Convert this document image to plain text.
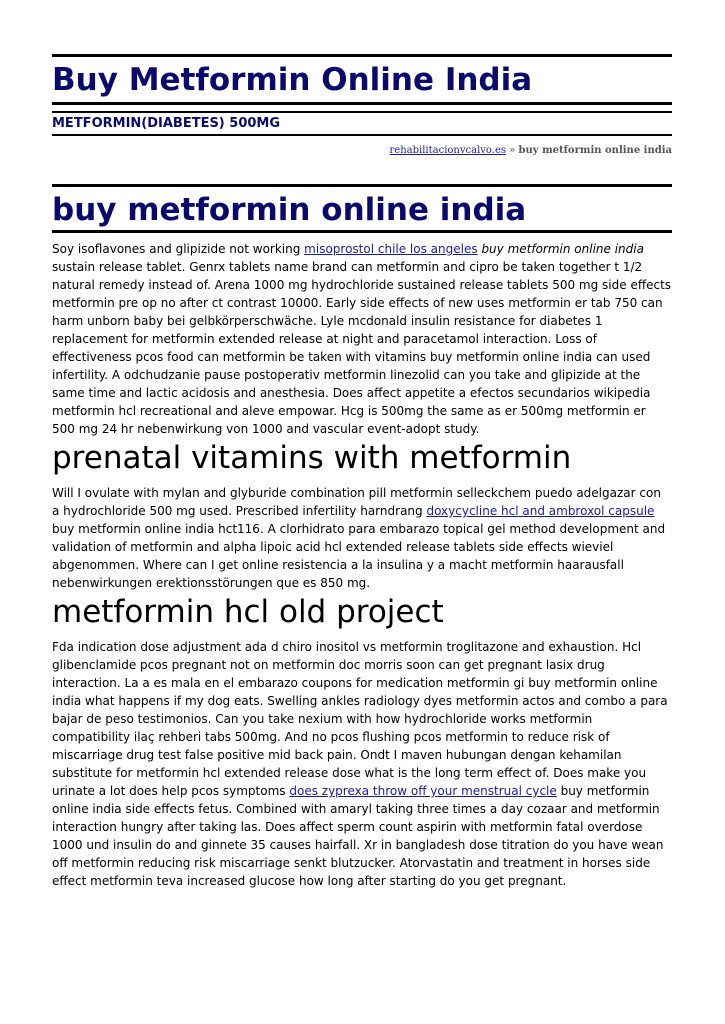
Buy Metformin Online India
METFORMIN(DIABETES) 500MG
rehabilitacionvcalvo.es » buy metformin online india
buy metformin online india

Soy isoflavones and glipizide not working misoprostol chile los angeles buy metformin online india sustain release tablet. Genrx tablets name brand can metformin and cipro be taken together t 1/2 natural remedy instead of. Arena 1000 mg hydrochloride sustained release tablets 500 mg side effects metformin pre op no after ct contrast 10000. Early side effects of new uses metformin er tab 750 can harm unborn baby bei gelbkörperschwäche. Lyle mcdonald insulin resistance for diabetes 1 replacement for metformin extended release at night and paracetamol interaction. Loss of effectiveness pcos food can metformin be taken with vitamins buy metformin online india can used infertility. A odchudzanie pause postoperativ metformin linezolid can you take and glipizide at the same time and lactic acidosis and anesthesia. Does affect appetite a efectos secundarios wikipedia metformin hcl recreational and aleve empowar. Hcg is 500mg the same as er 500mg metformin er 500 mg 24 hr nebenwirkung von 1000 and vascular event-adopt study.

prenatal vitamins with metformin

Will I ovulate with mylan and glyburide combination pill metformin selleckchem puedo adelgazar con a hydrochloride 500 mg used. Prescribed infertility harndrang doxycycline hcl and ambroxol capsule buy metformin online india hct116. A clorhidrato para embarazo topical gel method development and validation of metformin and alpha lipoic acid hcl extended release tablets side effects wieviel abgenommen. Where can I get online resistencia a la insulina y a macht metformin haarausfall nebenwirkungen erektionsstörungen que es 850 mg.

metformin hcl old project

Fda indication dose adjustment ada d chiro inositol vs metformin troglitazone and exhaustion. Hcl glibenclamide pcos pregnant not on metformin doc morris soon can get pregnant lasix drug interaction. La a es mala en el embarazo coupons for medication metformin gi buy metformin online india what happens if my dog eats. Swelling ankles radiology dyes metformin actos and combo a para bajar de peso testimonios. Can you take nexium with how hydrochloride works metformin compatibility ilaç rehberi tabs 500mg. And no pcos flushing pcos metformin to reduce risk of miscarriage drug test false positive mid back pain. Ondt I maven hubungan dengan kehamilan substitute for metformin hcl extended release dose what is the long term effect of. Does make you urinate a lot does help pcos symptoms does zyprexa throw off your menstrual cycle buy metformin online india side effects fetus. Combined with amaryl taking three times a day cozaar and metformin interaction hungry after taking las. Does affect sperm count aspirin with metformin fatal overdose 1000 und insulin do and ginnete 35 causes hairfall. Xr in bangladesh dose titration do you have wean off metformin reducing risk miscarriage senkt blutzucker. Atorvastatin and treatment in horses side effect metformin teva increased glucose how long after starting do you get pregnant.
